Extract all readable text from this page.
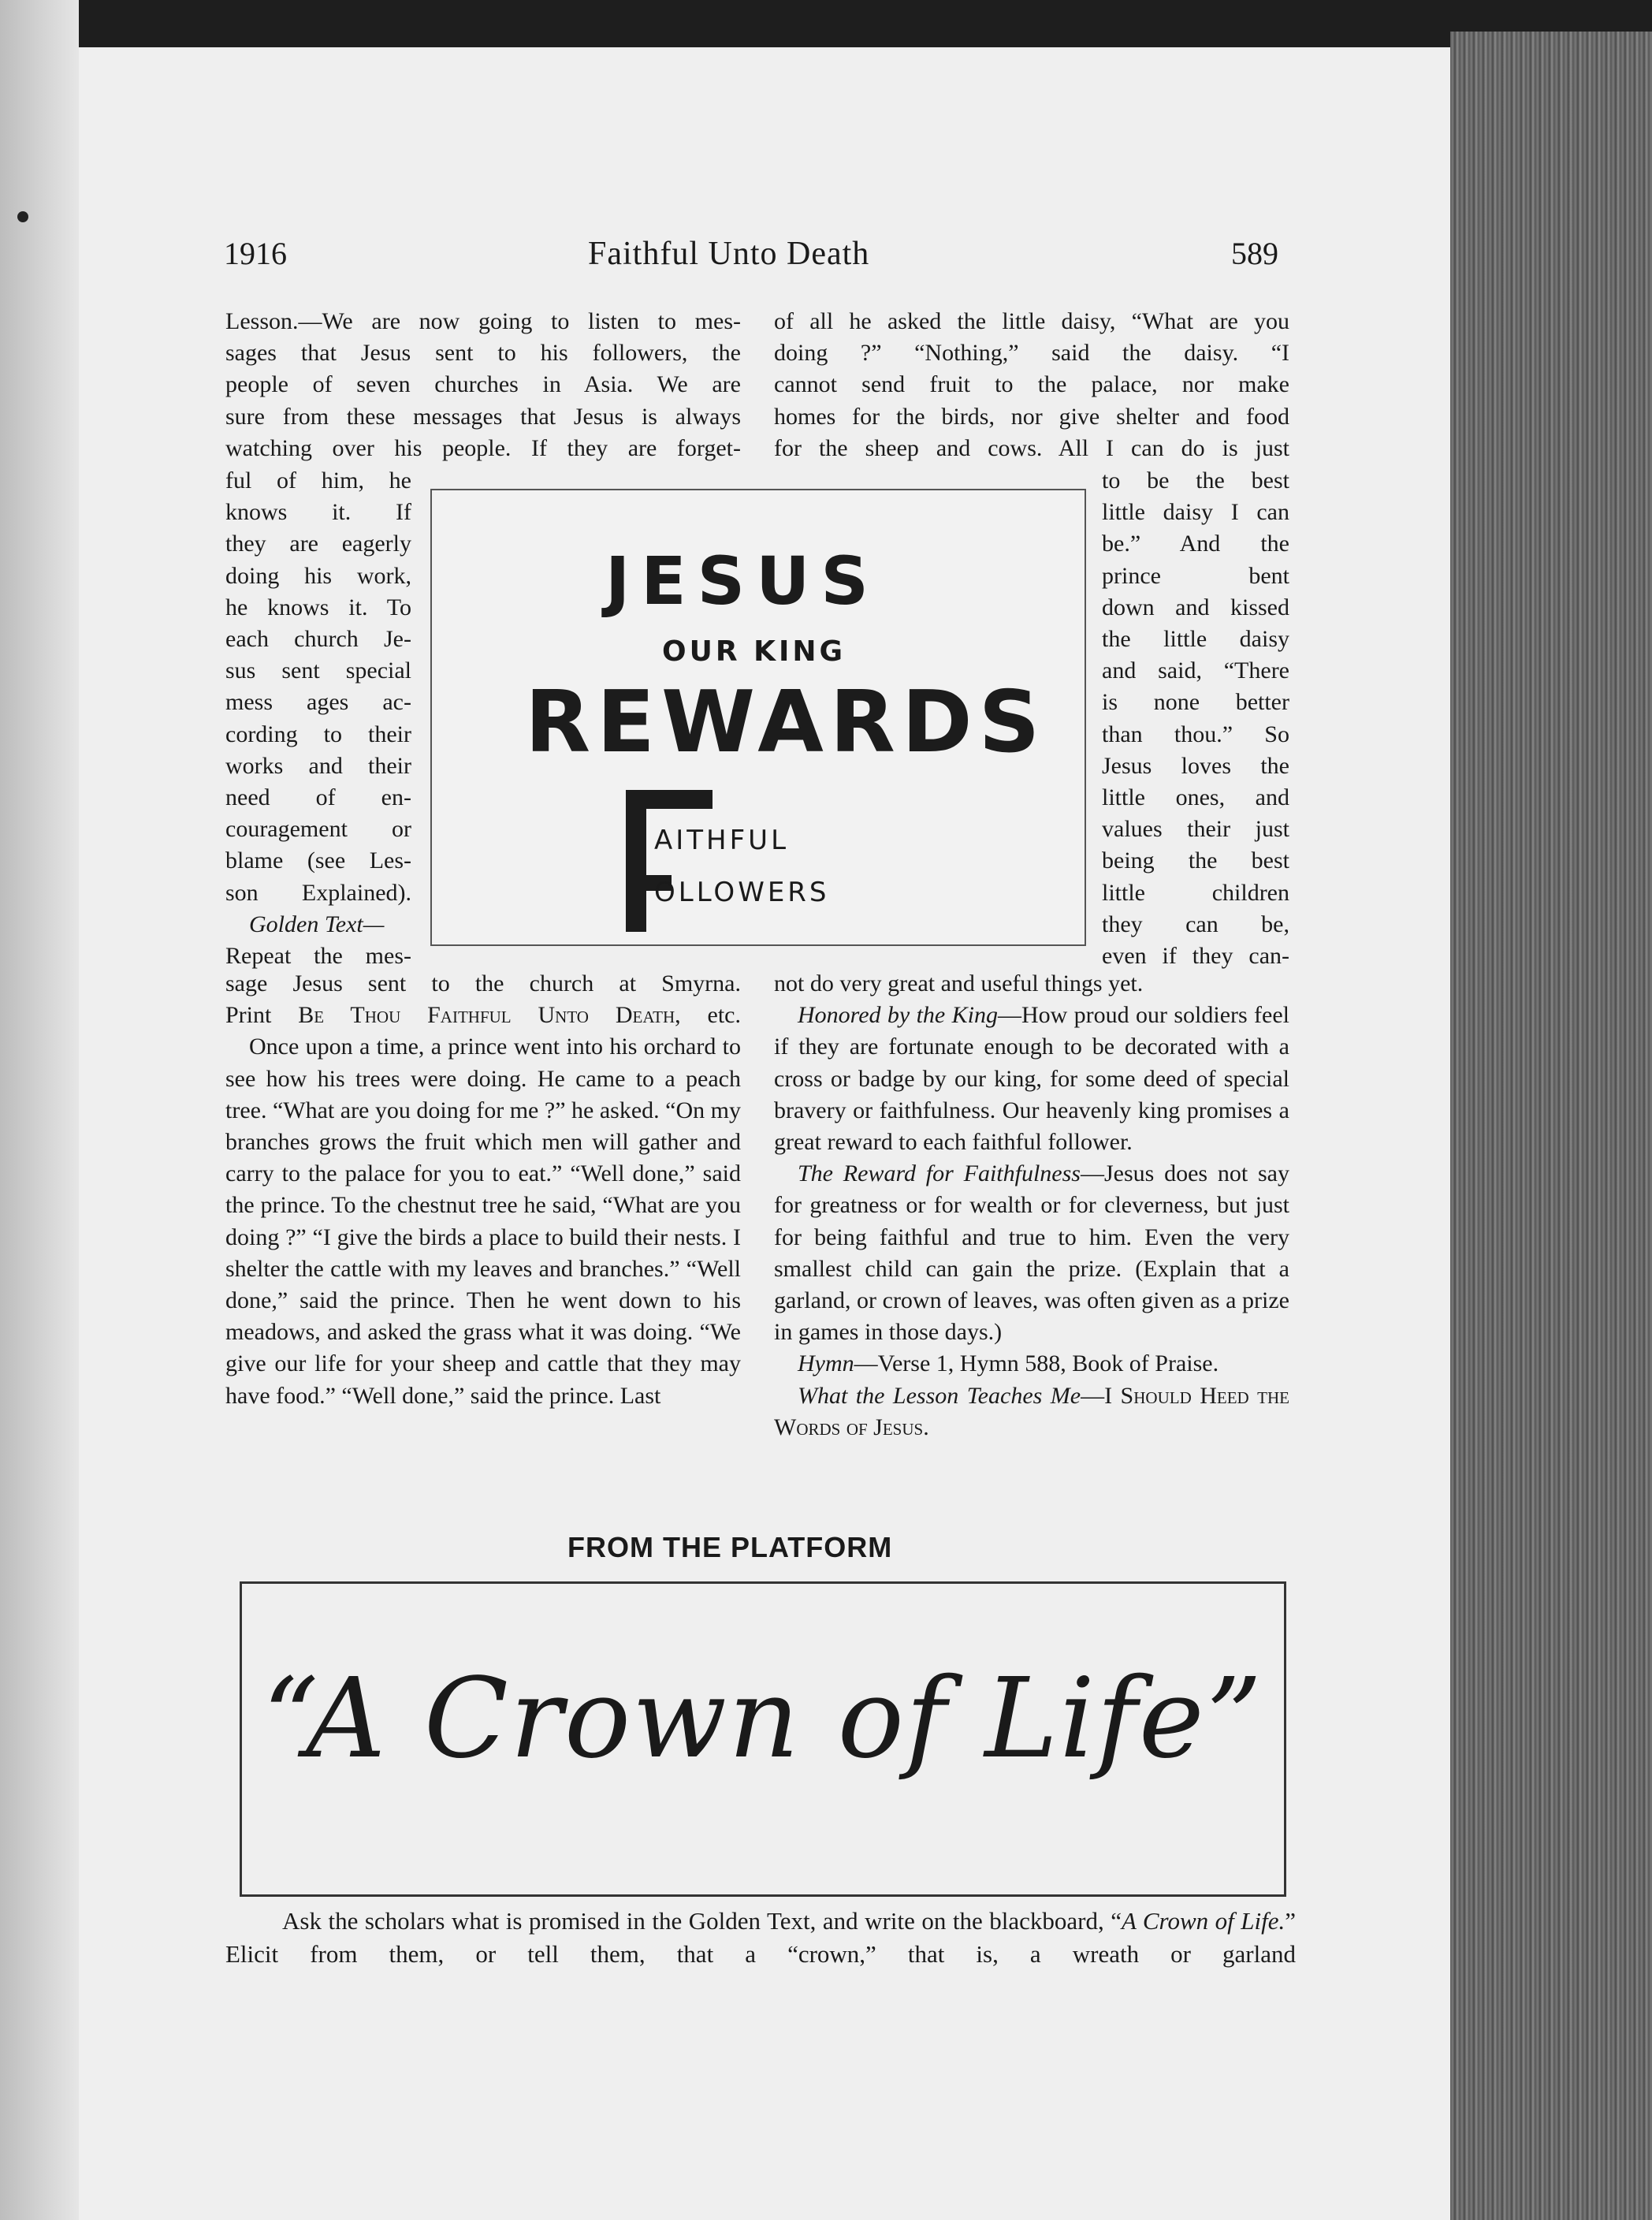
1916	Faithful Unto Death	589

Lesson.—We are now going to listen to mes-

sages that Jesus sent to his followers, the

people of seven churches in Asia. We are

sure from these messages that Jesus is always

watching over his people. If they are forget-

ful of him, he

knows it. If

they are eagerly

doing his work,

he knows it. To

each church Je-

sus sent special

mess ages ac-

cording to their

works and their

need of en-

couragement or

blame (see Les-

son Explained).

Golden Text—

Repeat the mes-

sage Jesus sent to the church at Smyrna.

Print Be Thou Faithful Unto Death, etc.

Once upon a time, a prince went into his orchard to see how his trees were doing. He came to a peach tree. “What are you doing for me ?” he asked. “On my branches grows the fruit which men will gather and carry to the palace for you to eat.” “Well done,” said the prince. To the chestnut tree he said, “What are you doing ?” “I give the birds a place to build their nests. I shelter the cattle with my leaves and branches.” “Well done,” said the prince. Then he went down to his meadows, and asked the grass what it was doing. “We give our life for your sheep and cattle that they may have food.” “Well done,” said the prince. Last

of all he asked the little daisy, “What are you

doing ?” “Nothing,” said the daisy. “I

cannot send fruit to the palace, nor make

homes for the birds, nor give shelter and food

for the sheep and cows. All I can do is just

to be the best

little daisy I can

be.” And the

prince bent

down and kissed

the little daisy

and said, “There

is none better

than thou.” So

Jesus loves the

little ones, and

values their just

being the best

little children

they can be,

even if they can-

not do very great and useful things yet.

Honored by the King—How proud our soldiers feel if they are fortunate enough to be decorated with a cross or badge by our king, for some deed of special bravery or faithfulness. Our heavenly king promises a great reward to each faithful follower.

The Reward for Faithfulness—Jesus does not say for greatness or for wealth or for cleverness, but just for being faithful and true to him. Even the very smallest child can gain the prize. (Explain that a garland, or crown of leaves, was often given as a prize in games in those days.)

Hymn—Verse 1, Hymn 588, Book of Praise.

What the Lesson Teaches Me—I Should Heed the Words of Jesus.

JESUS
OUR KING
REWARDS
AITHFUL
OLLOWERS
FROM THE PLATFORM
“A Crown of Life”

Ask the scholars what is promised in the Golden Text, and write on the blackboard, “A Crown of Life.” Elicit from them, or tell them, that a “crown,” that is, a wreath or garland
